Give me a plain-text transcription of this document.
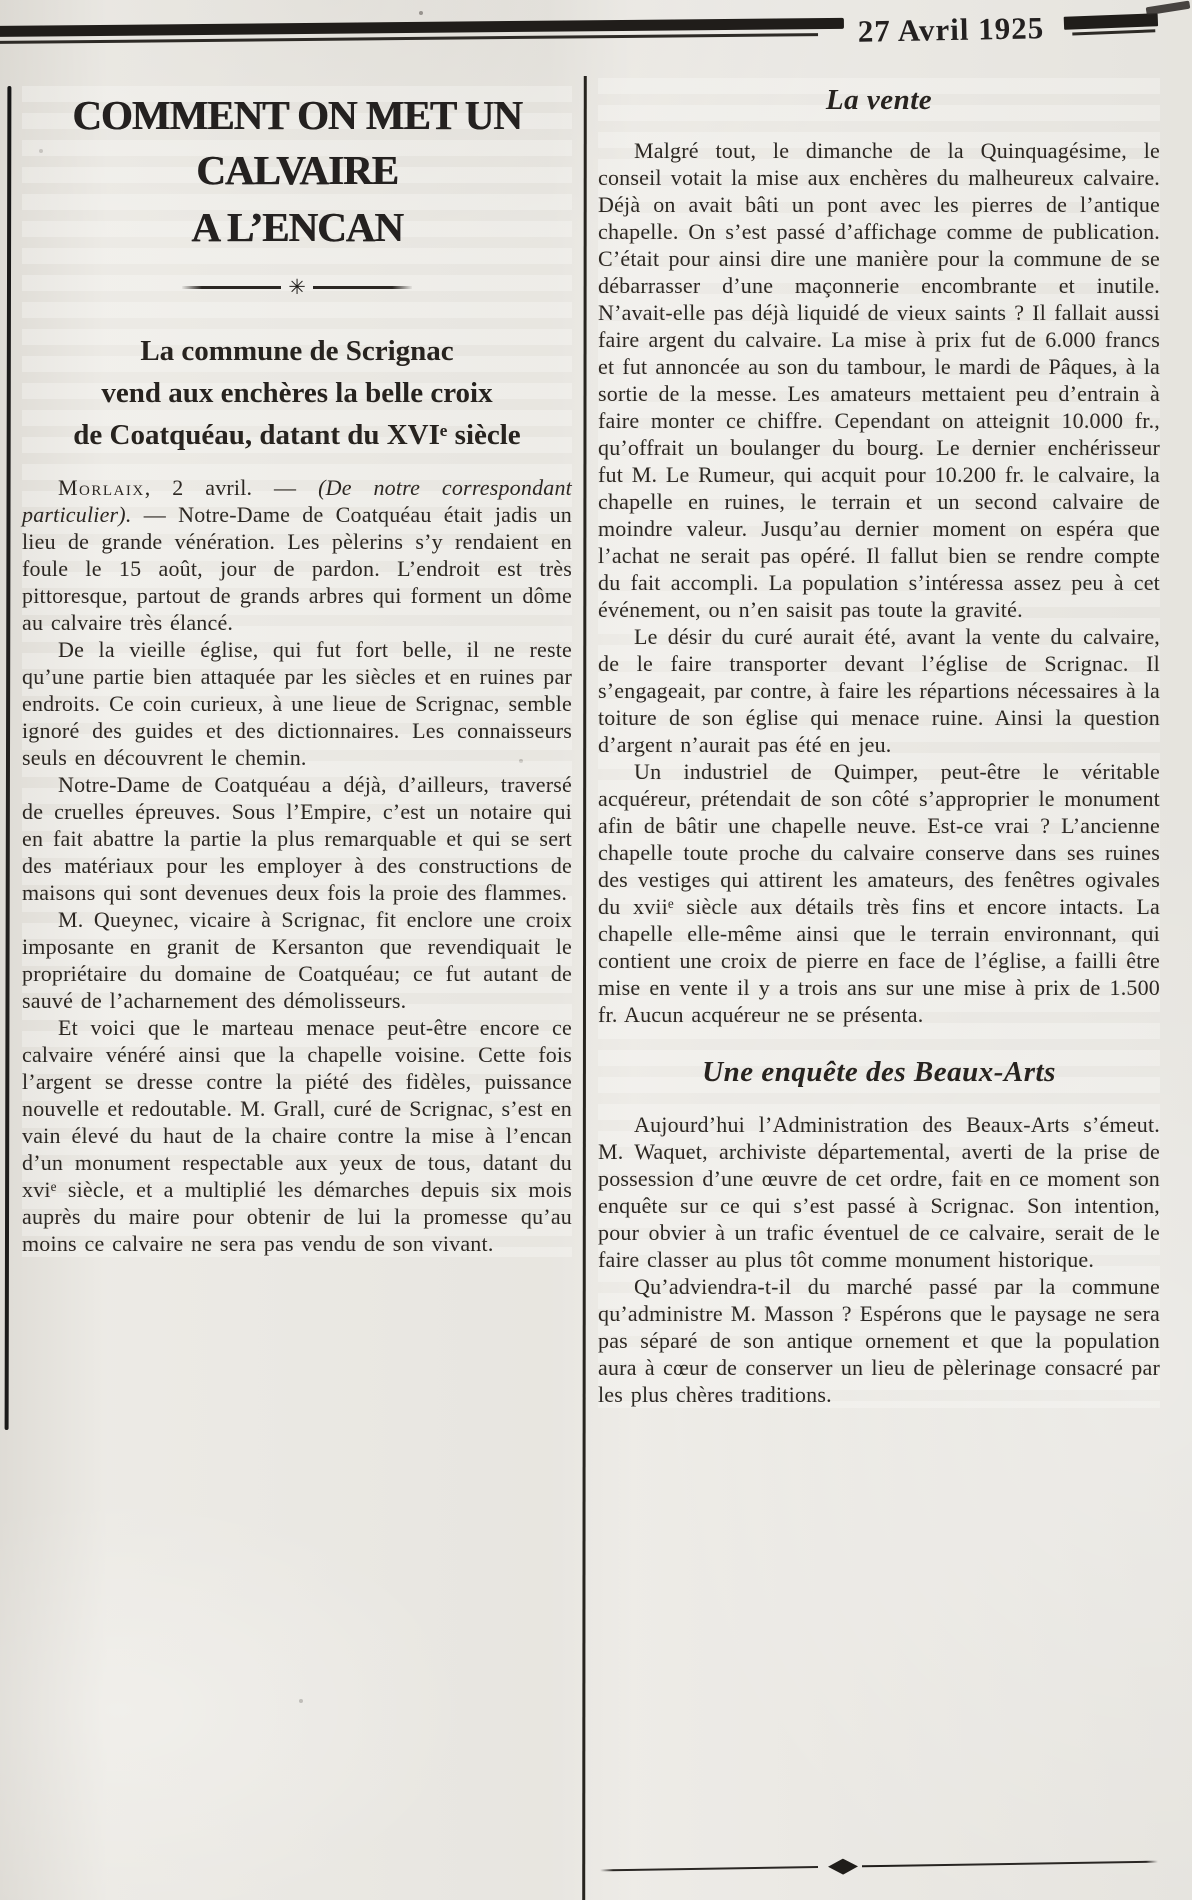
27 Avril 1925
COMMENT ON MET UN CALVAIRE
A L’ENCAN
✳
La commune de Scrignac
vend aux enchères la belle croix
de Coatquéau, datant du XVIᵉ siècle

Morlaix, 2 avril. — (De notre correspondant particulier). — Notre-Dame de Coatquéau était jadis un lieu de grande vénération. Les pèlerins s’y rendaient en foule le 15 août, jour de pardon. L’endroit est très pittoresque, partout de grands arbres qui forment un dôme au calvaire très élancé.

De la vieille église, qui fut fort belle, il ne reste qu’une partie bien attaquée par les siècles et en ruines par endroits. Ce coin curieux, à une lieue de Scrignac, semble ignoré des guides et des dictionnaires. Les connaisseurs seuls en découvrent le chemin.

Notre-Dame de Coatquéau a déjà, d’ailleurs, traversé de cruelles épreuves. Sous l’Empire, c’est un notaire qui en fait abattre la partie la plus remarquable et qui se sert des matériaux pour les employer à des constructions de maisons qui sont devenues deux fois la proie des flammes.

M. Queynec, vicaire à Scrignac, fit enclore une croix imposante en granit de Kersanton que revendiquait le propriétaire du domaine de Coatquéau; ce fut autant de sauvé de l’acharnement des démolisseurs.

Et voici que le marteau menace peut-être encore ce calvaire vénéré ainsi que la chapelle voisine. Cette fois l’argent se dresse contre la piété des fidèles, puissance nouvelle et redoutable. M. Grall, curé de Scrignac, s’est en vain élevé du haut de la chaire contre la mise à l’encan d’un monument respectable aux yeux de tous, datant du xviᵉ siècle, et a multiplié les démarches depuis six mois auprès du maire pour obtenir de lui la promesse qu’au moins ce calvaire ne sera pas vendu de son vivant.

La vente

Malgré tout, le dimanche de la Quinquagésime, le conseil votait la mise aux enchères du malheureux calvaire. Déjà on avait bâti un pont avec les pierres de l’antique chapelle. On s’est passé d’affichage comme de publication. C’était pour ainsi dire une manière pour la commune de se débarrasser d’une maçonnerie encombrante et inutile. N’avait-elle pas déjà liquidé de vieux saints ? Il fallait aussi faire argent du calvaire. La mise à prix fut de 6.000 francs et fut annoncée au son du tambour, le mardi de Pâques, à la sortie de la messe. Les amateurs mettaient peu d’entrain à faire monter ce chiffre. Cependant on atteignit 10.000 fr., qu’offrait un boulanger du bourg. Le dernier enchérisseur fut M. Le Rumeur, qui acquit pour 10.200 fr. le calvaire, la chapelle en ruines, le terrain et un second calvaire de moindre valeur. Jusqu’au dernier moment on espéra que l’achat ne serait pas opéré. Il fallut bien se rendre compte du fait accompli. La population s’intéressa assez peu à cet événement, ou n’en saisit pas toute la gravité.

Le désir du curé aurait été, avant la vente du calvaire, de le faire transporter devant l’église de Scrignac. Il s’engageait, par contre, à faire les répartions nécessaires à la toiture de son église qui menace ruine. Ainsi la question d’argent n’aurait pas été en jeu.

Un industriel de Quimper, peut-être le véritable acquéreur, prétendait de son côté s’approprier le monument afin de bâtir une chapelle neuve. Est-ce vrai ? L’ancienne chapelle toute proche du calvaire conserve dans ses ruines des vestiges qui attirent les amateurs, des fenêtres ogivales du xviiᵉ siècle aux détails très fins et encore intacts. La chapelle elle-même ainsi que le terrain environnant, qui contient une croix de pierre en face de l’église, a failli être mise en vente il y a trois ans sur une mise à prix de 1.500 fr. Aucun acquéreur ne se présenta.

Une enquête des Beaux-Arts

Aujourd’hui l’Administration des Beaux-Arts s’émeut. M. Waquet, archiviste départemental, averti de la prise de possession d’une œuvre de cet ordre, fait en ce moment son enquête sur ce qui s’est passé à Scrignac. Son intention, pour obvier à un trafic éventuel de ce calvaire, serait de le faire classer au plus tôt comme monument historique.

Qu’adviendra-t-il du marché passé par la commune qu’administre M. Masson ? Espérons que le paysage ne sera pas séparé de son antique ornement et que la population aura à cœur de conserver un lieu de pèlerinage consacré par les plus chères traditions.
